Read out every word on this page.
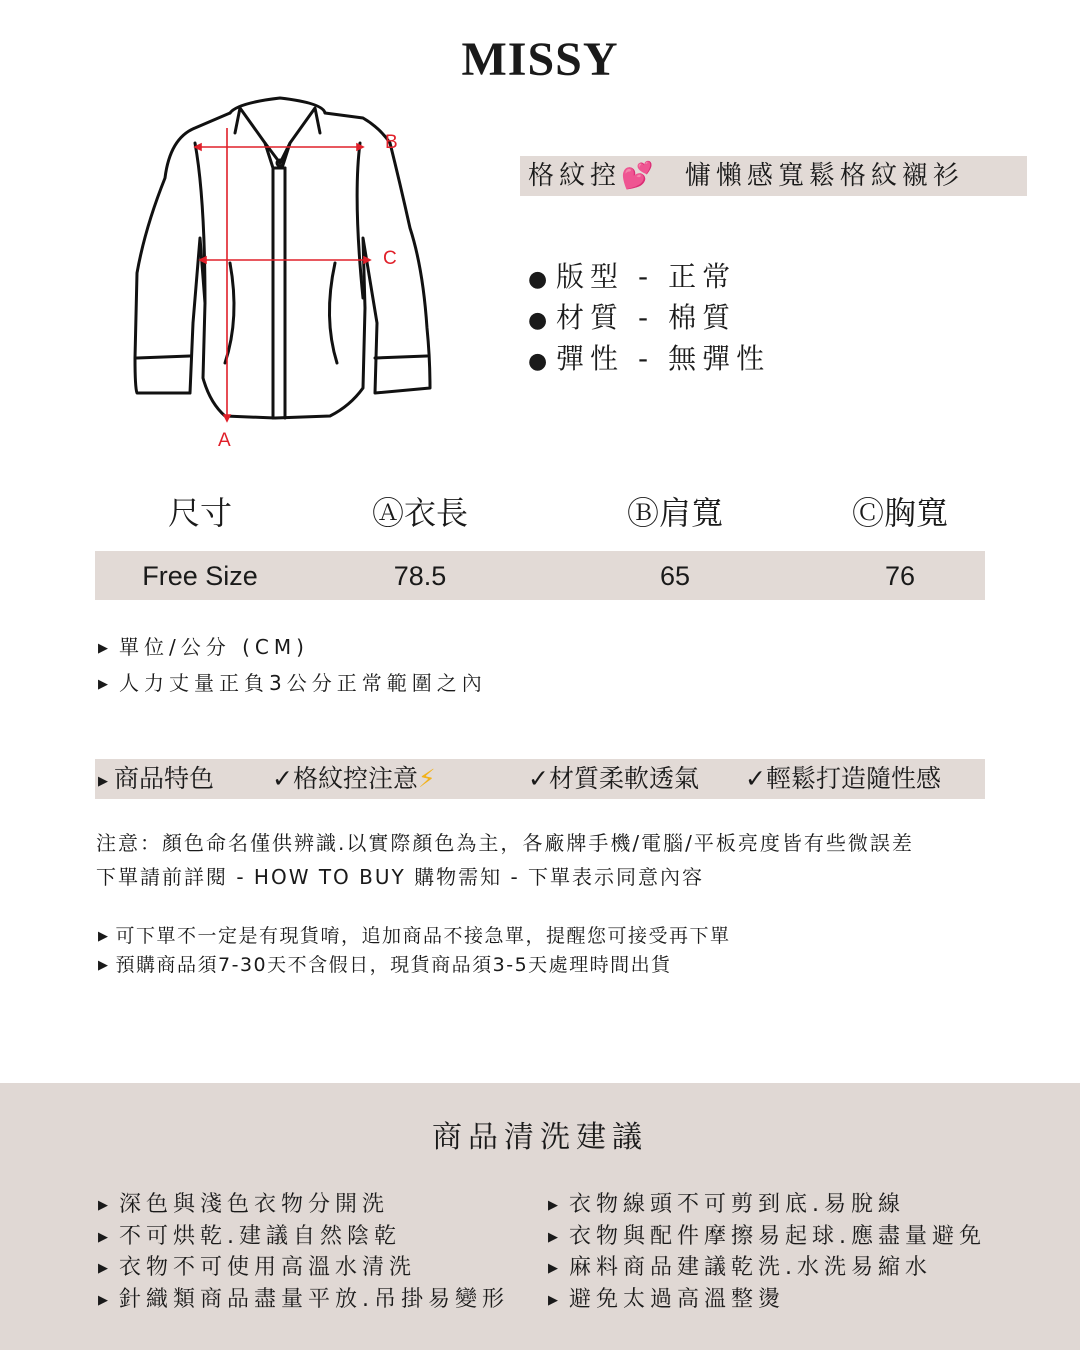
MISSY
B
C
A
格紋控💕 慵懶感寬鬆格紋襯衫
●版型 - 正常
●材質 - 棉質
●彈性 - 無彈性
尺寸	Ⓐ衣長	Ⓑ肩寬	Ⓒ胸寬
Free Size	78.5	65	76
▶ 單位/公分 (CM)
▶ 人力丈量正負3公分正常範圍之內
▶ 商品特色 ✓格紋控注意⚡	✓材質柔軟透氣 ✓輕鬆打造隨性感
注意：顏色命名僅供辨識.以實際顏色為主，各廠牌手機/電腦/平板亮度皆有些微誤差
下單請前詳閱 - HOW TO BUY 購物需知 - 下單表示同意內容
▶ 可下單不一定是有現貨唷，追加商品不接急單，提醒您可接受再下單
▶ 預購商品須7-30天不含假日，現貨商品須3-5天處理時間出貨
商品清洗建議
▶ 深色與淺色衣物分開洗
▶ 不可烘乾.建議自然陰乾
▶ 衣物不可使用高溫水清洗
▶ 針織類商品盡量平放.吊掛易變形
▶ 衣物線頭不可剪到底.易脫線
▶ 衣物與配件摩擦易起球.應盡量避免
▶ 麻料商品建議乾洗.水洗易縮水
▶ 避免太過高溫整燙
